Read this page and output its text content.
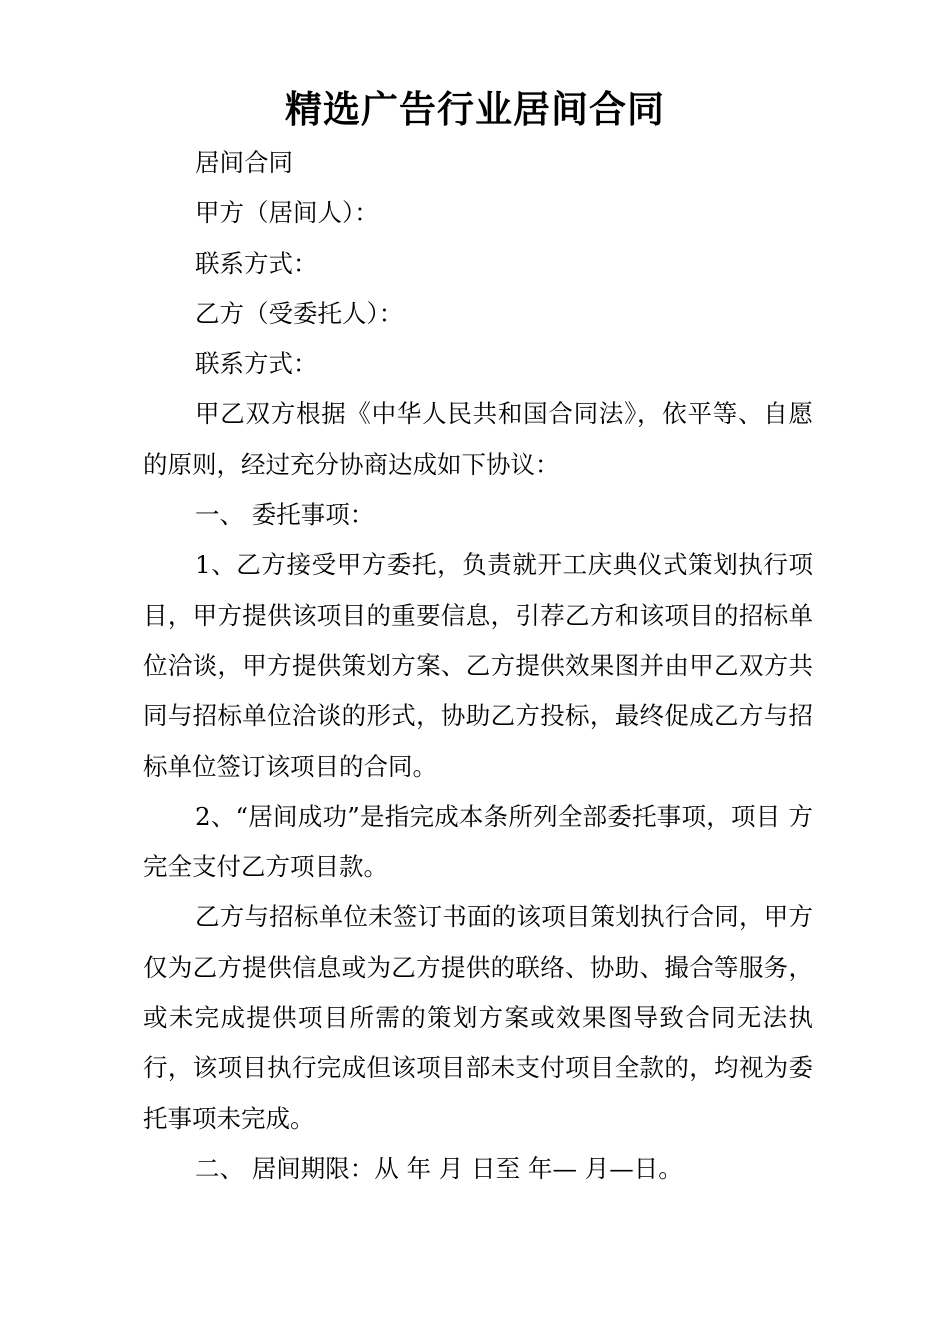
精选广告行业居间合同

居间合同

甲方（居间人）：

联系方式：

乙方（受委托人）：

联系方式：

甲乙双方根据《中华人民共和国合同法》，依平等、自愿的原则，经过充分协商达成如下协议：

一、 委托事项：

1、乙方接受甲方委托，负责就开工庆典仪式策划执行项目，甲方提供该项目的重要信息，引荐乙方和该项目的招标单位洽谈，甲方提供策划方案、乙方提供效果图并由甲乙双方共同与招标单位洽谈的形式，协助乙方投标，最终促成乙方与招标单位签订该项目的合同。

2、“居间成功”是指完成本条所列全部委托事项，项目 方完全支付乙方项目款。

乙方与招标单位未签订书面的该项目策划执行合同，甲方仅为乙方提供信息或为乙方提供的联络、协助、撮合等服务，或未完成提供项目所需的策划方案或效果图导致合同无法执行，该项目执行完成但该项目部未支付项目全款的，均视为委托事项未完成。

二、 居间期限：从 年 月 日至 年— 月—日。
